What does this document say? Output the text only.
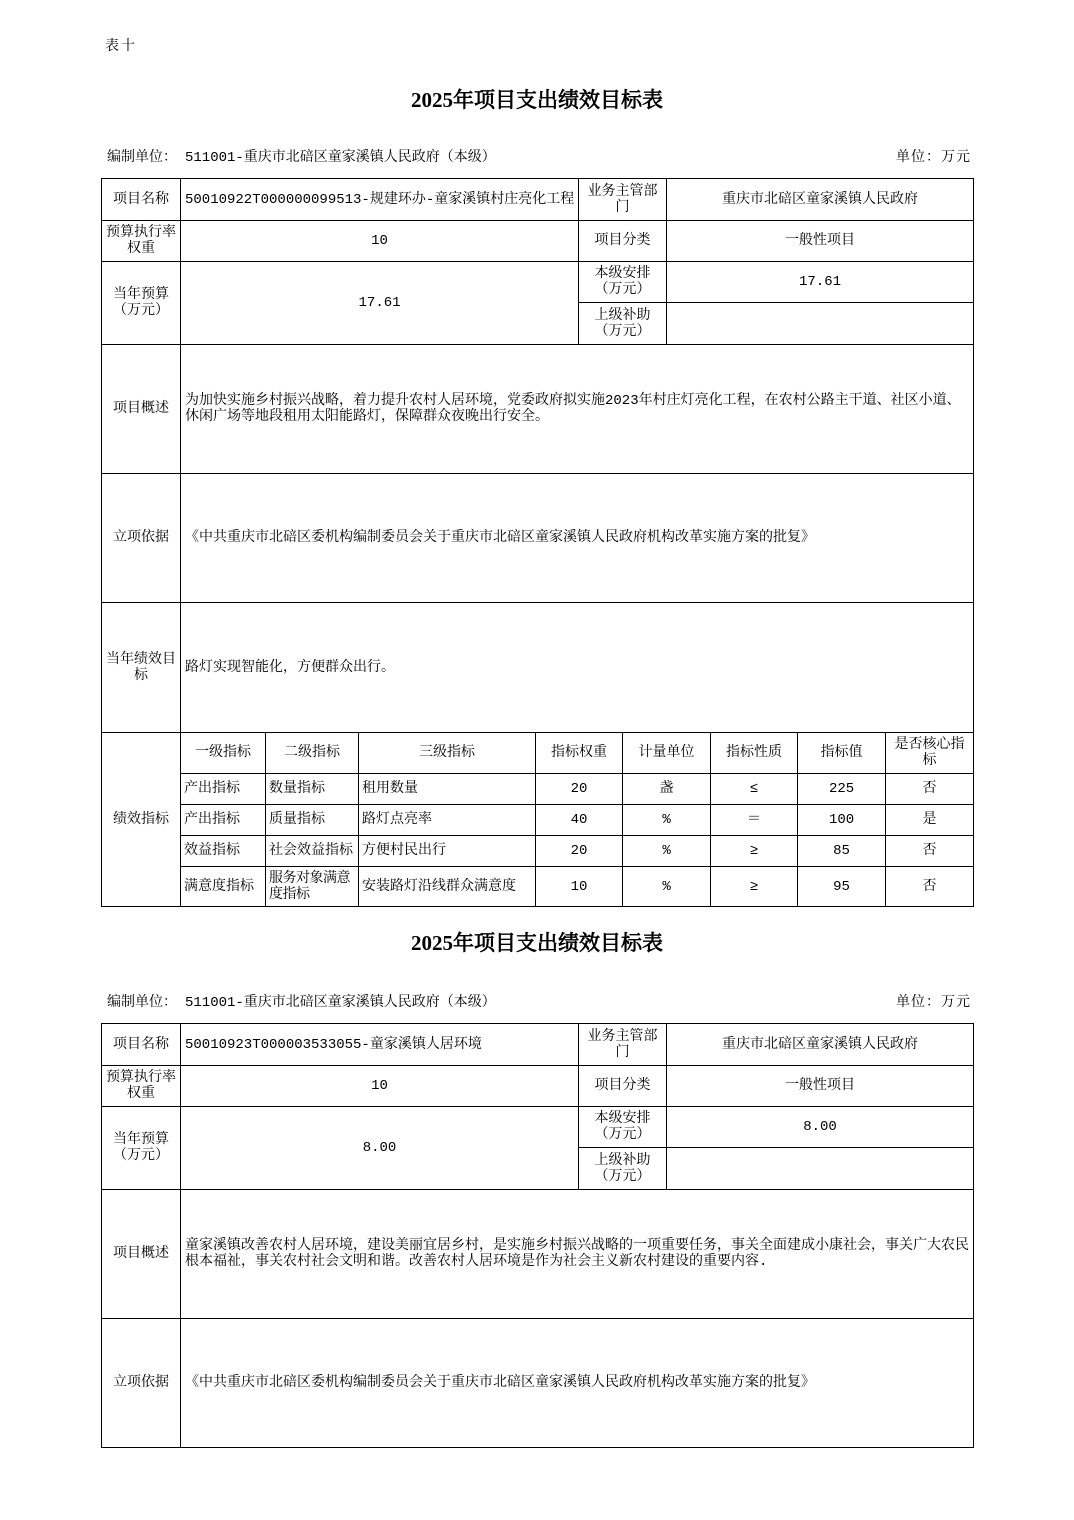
表十
2025年项目支出绩效目标表
编制单位： 511001-重庆市北碚区童家溪镇人民政府（本级）	单位：万元
项目名称	50010922T000000099513-规建环办-童家溪镇村庄亮化工程				业务主管部门		重庆市北碚区童家溪镇人民政府			
预算执行率权重	10				项目分类		一般性项目			
当年预算（万元）	17.61				本级安排（万元）		17.61			
					上级补助（万元）					
项目概述	为加快实施乡村振兴战略，着力提升农村人居环境，党委政府拟实施2023年村庄灯亮化工程，在农村公路主干道、社区小道、休闲广场等地段租用太阳能路灯，保障群众夜晚出行安全。									
立项依据	《中共重庆市北碚区委机构编制委员会关于重庆市北碚区童家溪镇人民政府机构改革实施方案的批复》									
当年绩效目标	路灯实现智能化，方便群众出行。									
绩效指标	一级指标	二级指标	三级指标	指标权重		计量单位		指标性质	指标值	是否核心指标
	产出指标	数量指标	租用数量	20		盏		≤	225	否
	产出指标	质量指标	路灯点亮率	40		%		＝	100	是
	效益指标	社会效益指标	方便村民出行	20		%		≥	85	否
	满意度指标	服务对象满意度指标	安装路灯沿线群众满意度	10		%		≥	95	否
2025年项目支出绩效目标表
编制单位： 511001-重庆市北碚区童家溪镇人民政府（本级）	单位：万元
项目名称	50010923T000003533055-童家溪镇人居环境	业务主管部门	重庆市北碚区童家溪镇人民政府
预算执行率权重	10	项目分类	一般性项目
当年预算（万元）	8.00	本级安排（万元）	8.00
		上级补助（万元）	
项目概述	童家溪镇改善农村人居环境，建设美丽宜居乡村，是实施乡村振兴战略的一项重要任务，事关全面建成小康社会，事关广大农民根本福祉，事关农村社会文明和谐。改善农村人居环境是作为社会主义新农村建设的重要内容.		
立项依据	《中共重庆市北碚区委机构编制委员会关于重庆市北碚区童家溪镇人民政府机构改革实施方案的批复》		
